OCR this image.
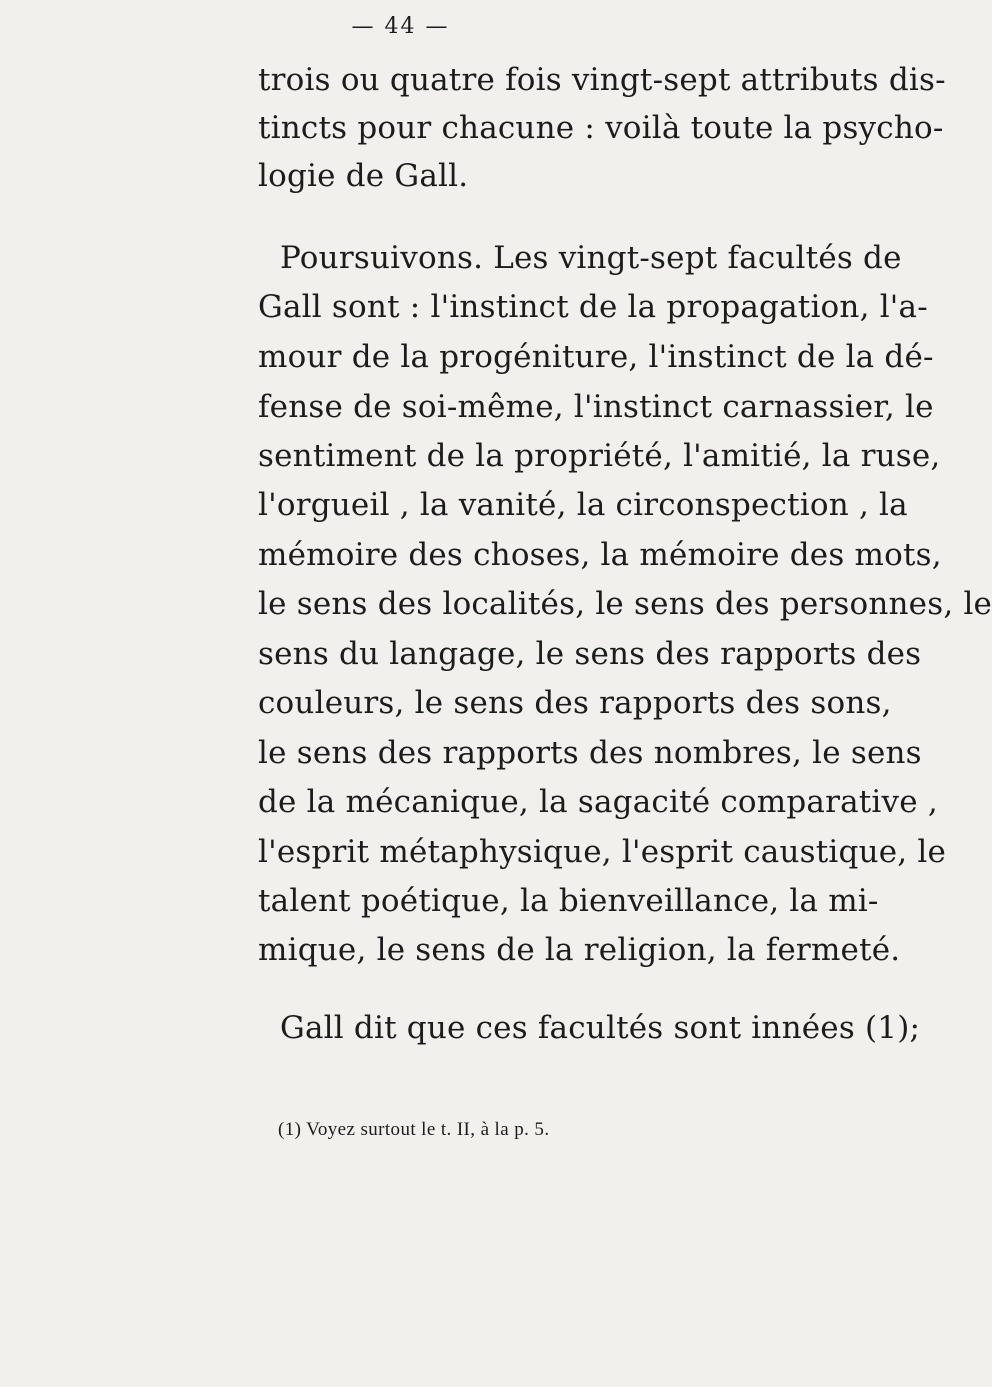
— 44 —
trois ou quatre fois vingt-sept attributs dis-
tincts pour chacune : voilà toute la psycho-
logie de Gall.
Poursuivons. Les vingt-sept facultés de
Gall sont : l'instinct de la propagation, l'a-
mour de la progéniture, l'instinct de la dé-
fense de soi-même, l'instinct carnassier, le
sentiment de la propriété, l'amitié, la ruse,
l'orgueil , la vanité, la circonspection , la
mémoire des choses, la mémoire des mots,
le sens des localités, le sens des personnes, le
sens du langage, le sens des rapports des
couleurs, le sens des rapports des sons,
le sens des rapports des nombres, le sens
de la mécanique, la sagacité comparative ,
l'esprit métaphysique, l'esprit caustique, le
talent poétique, la bienveillance, la mi-
mique, le sens de la religion, la fermeté.
Gall dit que ces facultés sont innées (1);
(1) Voyez surtout le t. II, à la p. 5.
